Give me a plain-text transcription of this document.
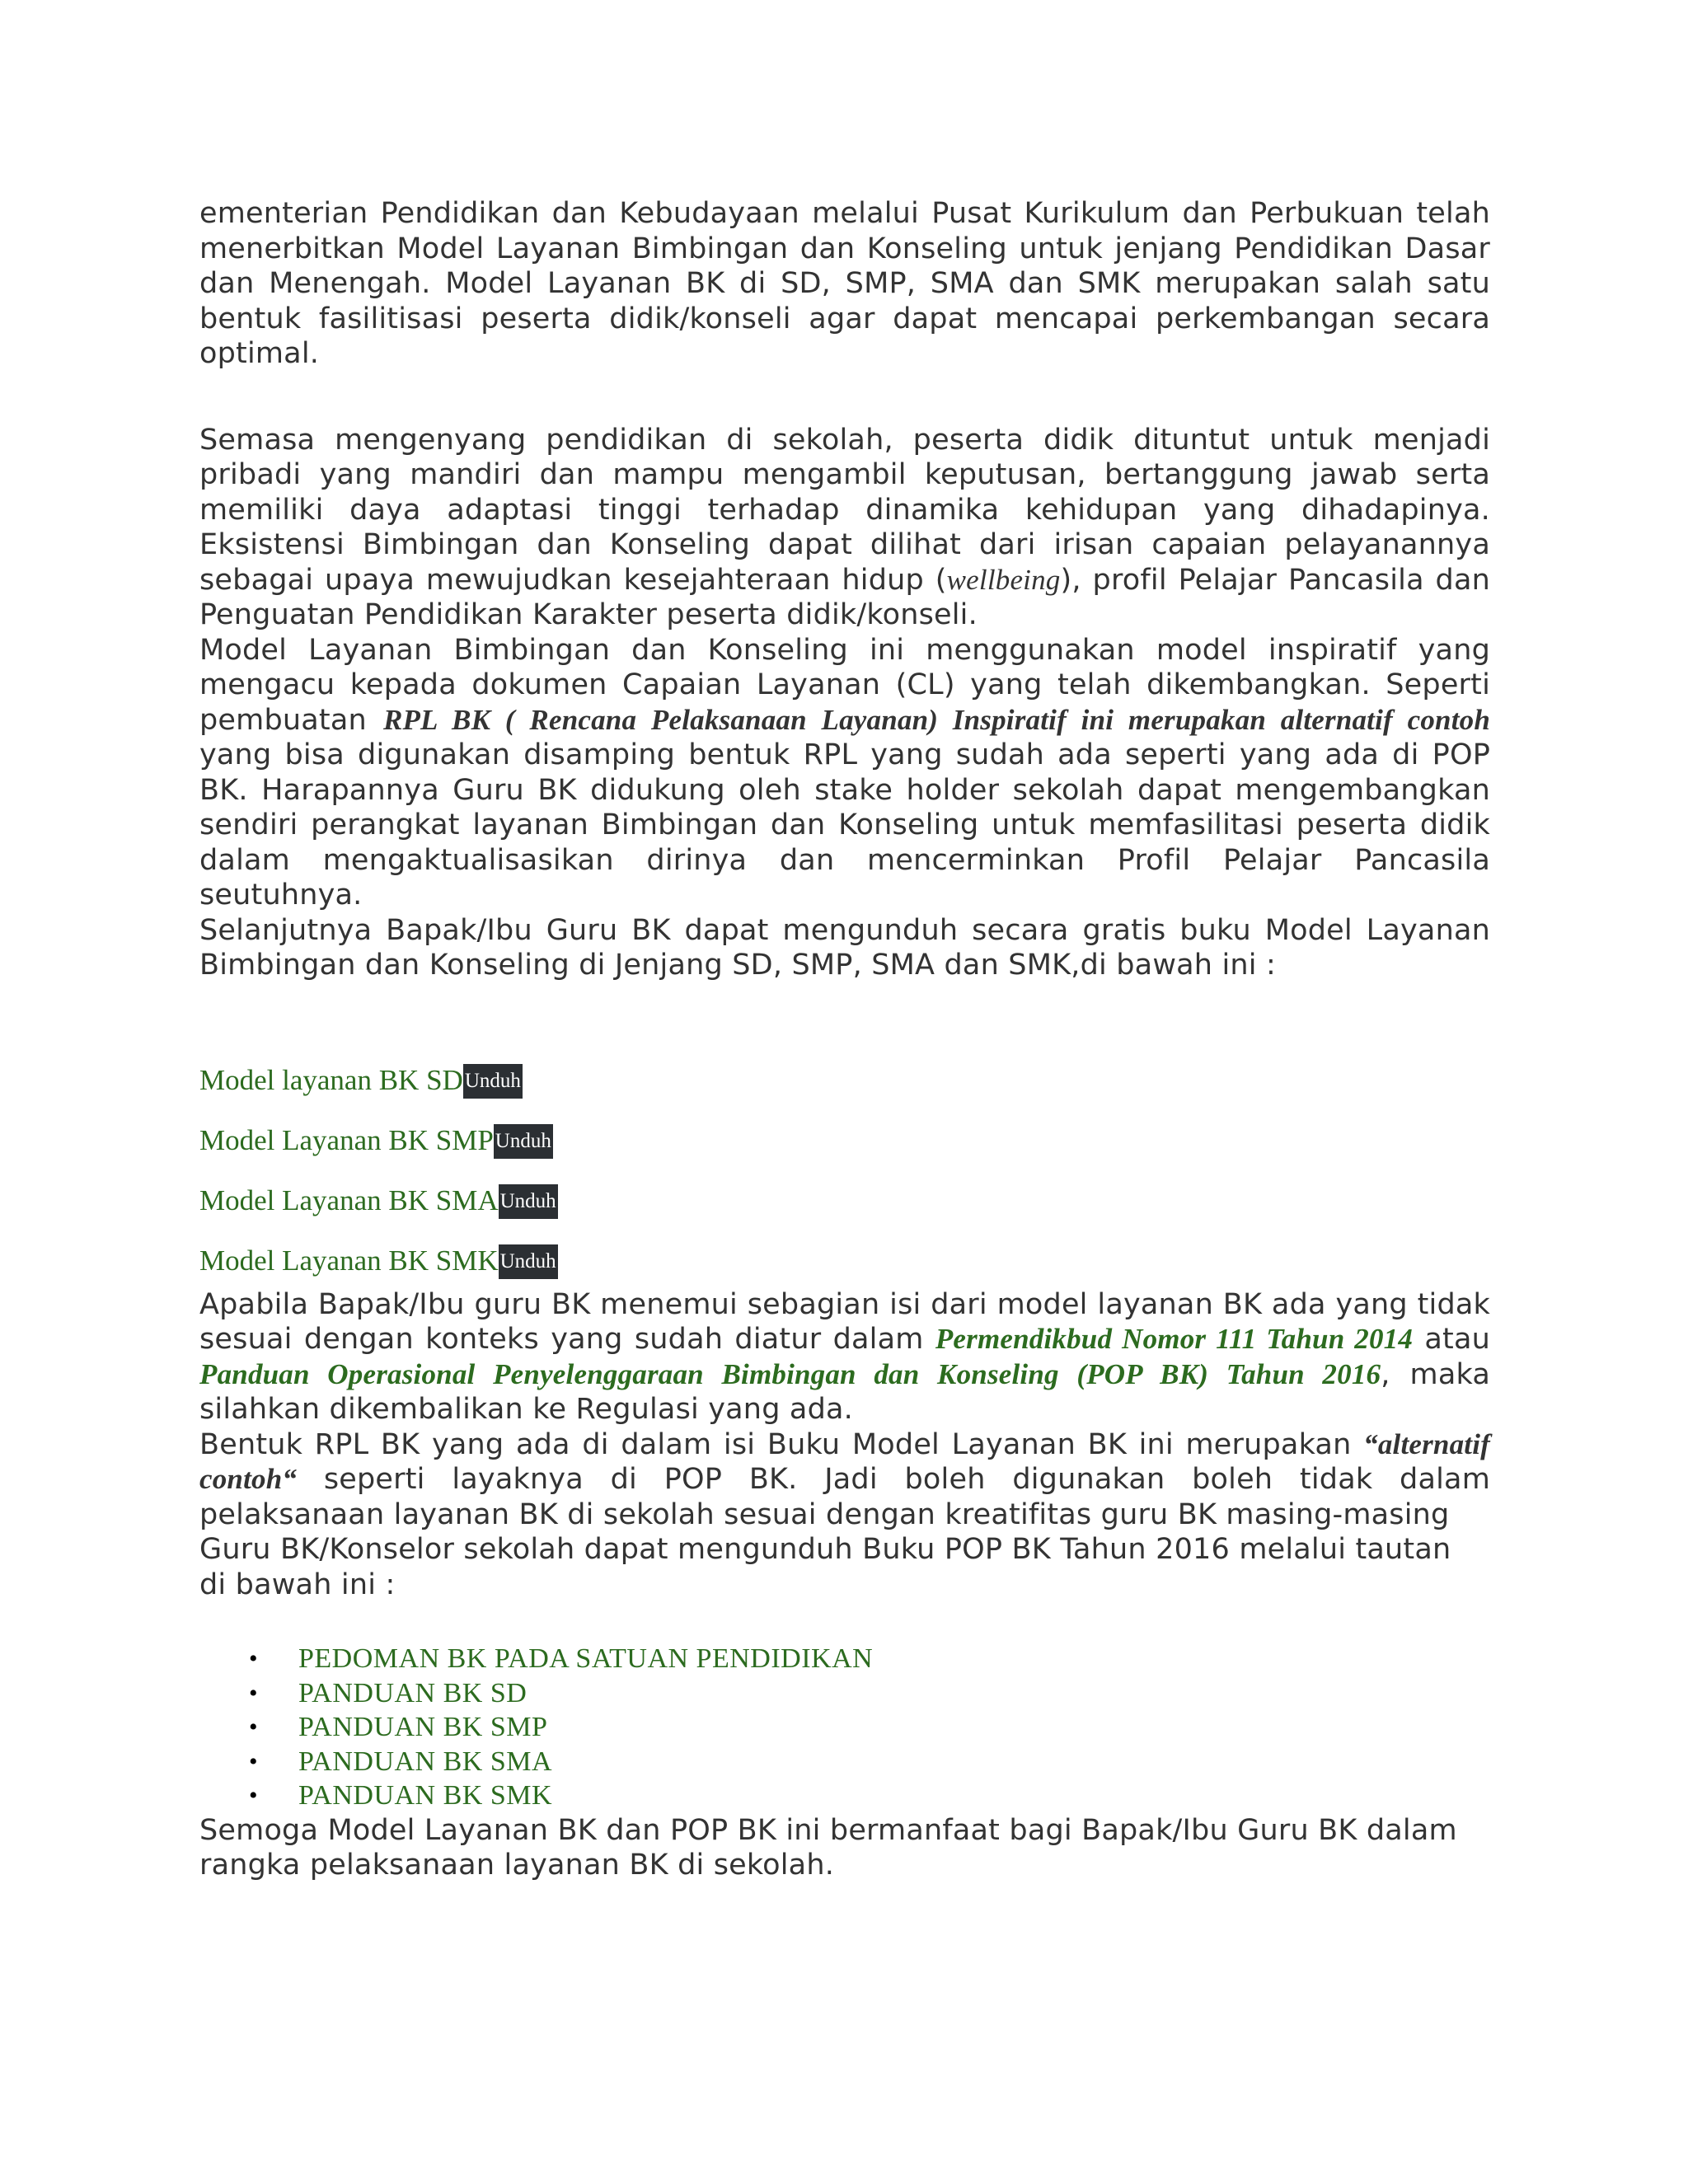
ementerian Pendidikan dan Kebudayaan melalui Pusat Kurikulum dan Perbukuan telah menerbitkan Model Layanan Bimbingan dan Konseling untuk jenjang Pendidikan Dasar dan Menengah. Model Layanan BK di SD, SMP, SMA dan SMK merupakan salah satu bentuk fasilitisasi peserta didik/konseli agar dapat mencapai perkembangan secara optimal.

Semasa mengenyang pendidikan di sekolah, peserta didik dituntut untuk menjadi pribadi yang mandiri dan mampu mengambil keputusan, bertanggung jawab serta memiliki daya adaptasi tinggi terhadap dinamika kehidupan yang dihadapinya. Eksistensi Bimbingan dan Konseling dapat dilihat dari irisan capaian pelayanannya sebagai upaya mewujudkan kesejahteraan hidup (wellbeing), profil Pelajar Pancasila dan Penguatan Pendidikan Karakter peserta didik/konseli.

Model Layanan Bimbingan dan Konseling ini menggunakan model inspiratif yang mengacu kepada dokumen Capaian Layanan (CL) yang telah dikembangkan. Seperti pembuatan RPL BK ( Rencana Pelaksanaan Layanan) Inspiratif ini merupakan alternatif contoh yang bisa digunakan disamping bentuk RPL yang sudah ada seperti yang ada di POP BK. Harapannya Guru BK didukung oleh stake holder sekolah dapat mengembangkan sendiri perangkat layanan Bimbingan dan Konseling untuk memfasilitasi peserta didik dalam mengaktualisasikan dirinya dan mencerminkan Profil Pelajar Pancasila seutuhnya.

Selanjutnya Bapak/Ibu Guru BK dapat mengunduh secara gratis buku Model Layanan Bimbingan dan Konseling di Jenjang SD, SMP, SMA dan SMK,di bawah ini :

Model layanan BK SD Unduh
Model Layanan BK SMP Unduh
Model Layanan BK SMA Unduh
Model Layanan BK SMK Unduh

Apabila Bapak/Ibu guru BK menemui sebagian isi dari model layanan BK ada yang tidak sesuai dengan konteks yang sudah diatur dalam Permendikbud Nomor 111 Tahun 2014 atau Panduan Operasional Penyelenggaraan Bimbingan dan Konseling (POP BK) Tahun 2016, maka silahkan dikembalikan ke Regulasi yang ada.

Bentuk RPL BK yang ada di dalam isi Buku Model Layanan BK ini merupakan “alternatif contoh“ seperti layaknya di POP BK. Jadi boleh digunakan boleh tidak dalam pelaksanaan layanan BK di sekolah sesuai dengan kreatifitas guru BK masing-masing

Guru BK/Konselor sekolah dapat mengunduh Buku POP BK Tahun 2016 melalui tautan di bawah ini :

• PEDOMAN BK PADA SATUAN PENDIDIKAN
• PANDUAN BK SD
• PANDUAN BK SMP
• PANDUAN BK SMA
• PANDUAN BK SMK

Semoga Model Layanan BK dan POP BK ini bermanfaat bagi Bapak/Ibu Guru BK dalam rangka pelaksanaan layanan BK di sekolah.
